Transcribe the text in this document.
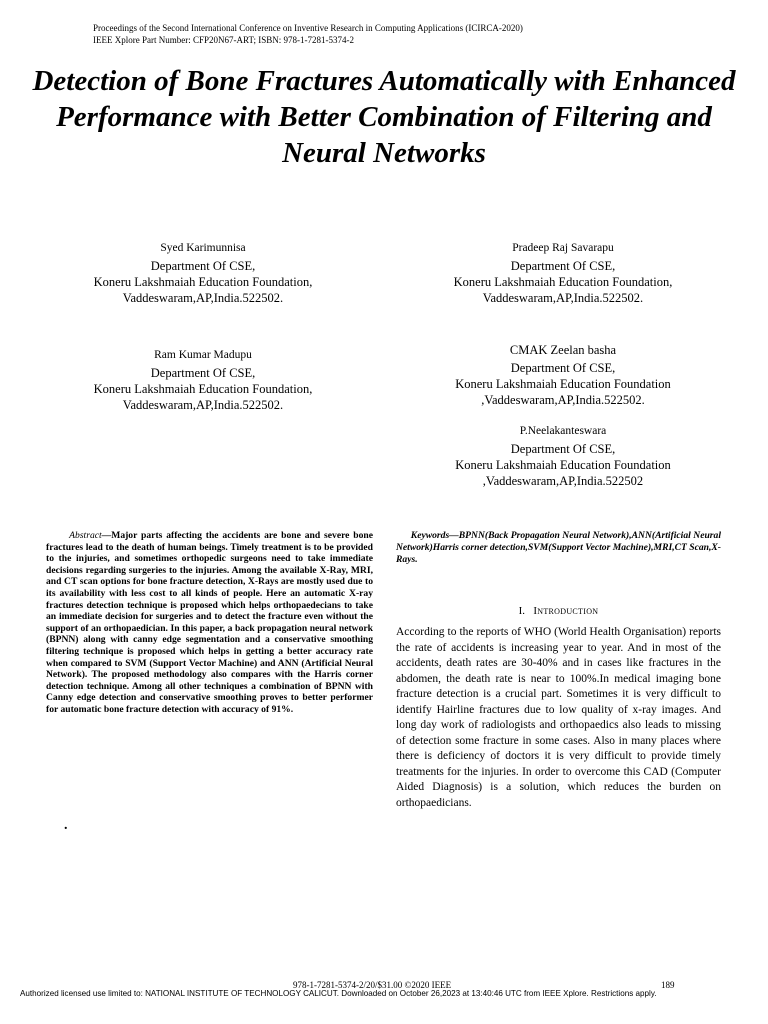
Proceedings of the Second International Conference on Inventive Research in Computing Applications (ICIRCA-2020)
IEEE Xplore Part Number: CFP20N67-ART; ISBN: 978-1-7281-5374-2
Detection of Bone Fractures Automatically with Enhanced Performance with Better Combination of Filtering and Neural Networks
Syed Karimunnisa
Department Of CSE,
Koneru Lakshmaiah Education Foundation,
Vaddeswaram,AP,India.522502.
Pradeep Raj Savarapu
Department Of CSE,
Koneru Lakshmaiah Education Foundation,
Vaddeswaram,AP,India.522502.
Ram Kumar Madupu
Department Of CSE,
Koneru Lakshmaiah Education Foundation,
Vaddeswaram,AP,India.522502.
CMAK Zeelan basha
Department Of CSE,
Koneru Lakshmaiah Education Foundation
,Vaddeswaram,AP,India.522502.
P.Neelakanteswara
Department Of CSE,
Koneru Lakshmaiah Education Foundation
,Vaddeswaram,AP,India.522502
Abstract—Major parts affecting the accidents are bone and severe bone fractures lead to the death of human beings. Timely treatment is to be provided to the injuries, and sometimes orthopedic surgeons need to take immediate decisions regarding surgeries to the injuries. Among the available X-Ray, MRI, and CT scan options for bone fracture detection, X-Rays are mostly used due to its availability with less cost to all kinds of people. Here an automatic X-ray fractures detection technique is proposed which helps orthopaedecians to take an immediate decision for surgeries and to detect the fracture even without the support of an orthopaedician. In this paper, a back propagation neural network (BPNN) along with canny edge segmentation and a conservative smoothing filtering technique is proposed which helps in getting a better accuracy rate when compared to SVM (Support Vector Machine) and ANN (Artificial Neural Network). The proposed methodology also compares with the Harris corner detection technique. Among all other techniques a combination of BPNN with Canny edge detection and conservative smoothing proves to better performer for automatic bone fracture detection with accuracy of 91%.
.
Keywords—BPNN(Back Propagation Neural Network),ANN(Artificial Neural Network)Harris corner detection,SVM(Support Vector Machine),MRI,CT Scan,X-Rays.
I. Introduction
According to the reports of WHO (World Health Organisation) reports the rate of accidents is increasing year to year. And in most of the accidents, death rates are 30-40% and in cases like fractures in the abdomen, the death rate is near to 100%.In medical imaging bone fracture detection is a crucial part. Sometimes it is very difficult to identify Hairline fractures due to low quality of x-ray images. And long day work of radiologists and orthopaedics also leads to missing of detection some fracture in some cases. Also in many places where there is deficiency of doctors it is very difficult to provide timely treatments for the injuries. In order to overcome this CAD (Computer Aided Diagnosis) is a solution, which reduces the burden on orthopaedicians.
978-1-7281-5374-2/20/$31.00 ©2020 IEEE	189
Authorized licensed use limited to: NATIONAL INSTITUTE OF TECHNOLOGY CALICUT. Downloaded on October 26,2023 at 13:40:46 UTC from IEEE Xplore. Restrictions apply.
